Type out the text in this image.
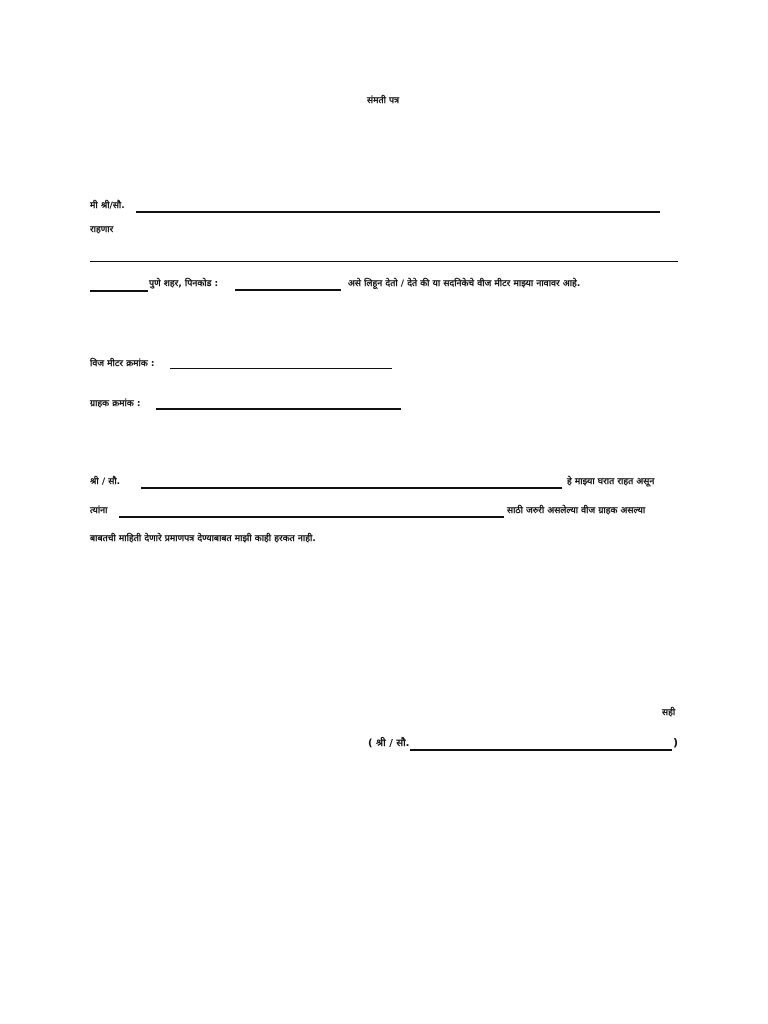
संमती पत्र
मी श्री/सौ.
राहणार
पुणे शहर, पिनकोड :	असे लिहून देतो / देते की या सदनिकेचे वीज मीटर माझ्या नावावर आहे.
विज मीटर क्रमांक :
ग्राहक क्रमांक :
श्री / सौ.	हे माझ्या घरात राहत असून
त्यांना	साठी जरुरी असलेल्या वीज ग्राहक असल्या
बाबतची माहिती देणारे प्रमाणपत्र देण्याबाबत माझी काही हरकत नाही.
सही
( श्री / सौ.	)
